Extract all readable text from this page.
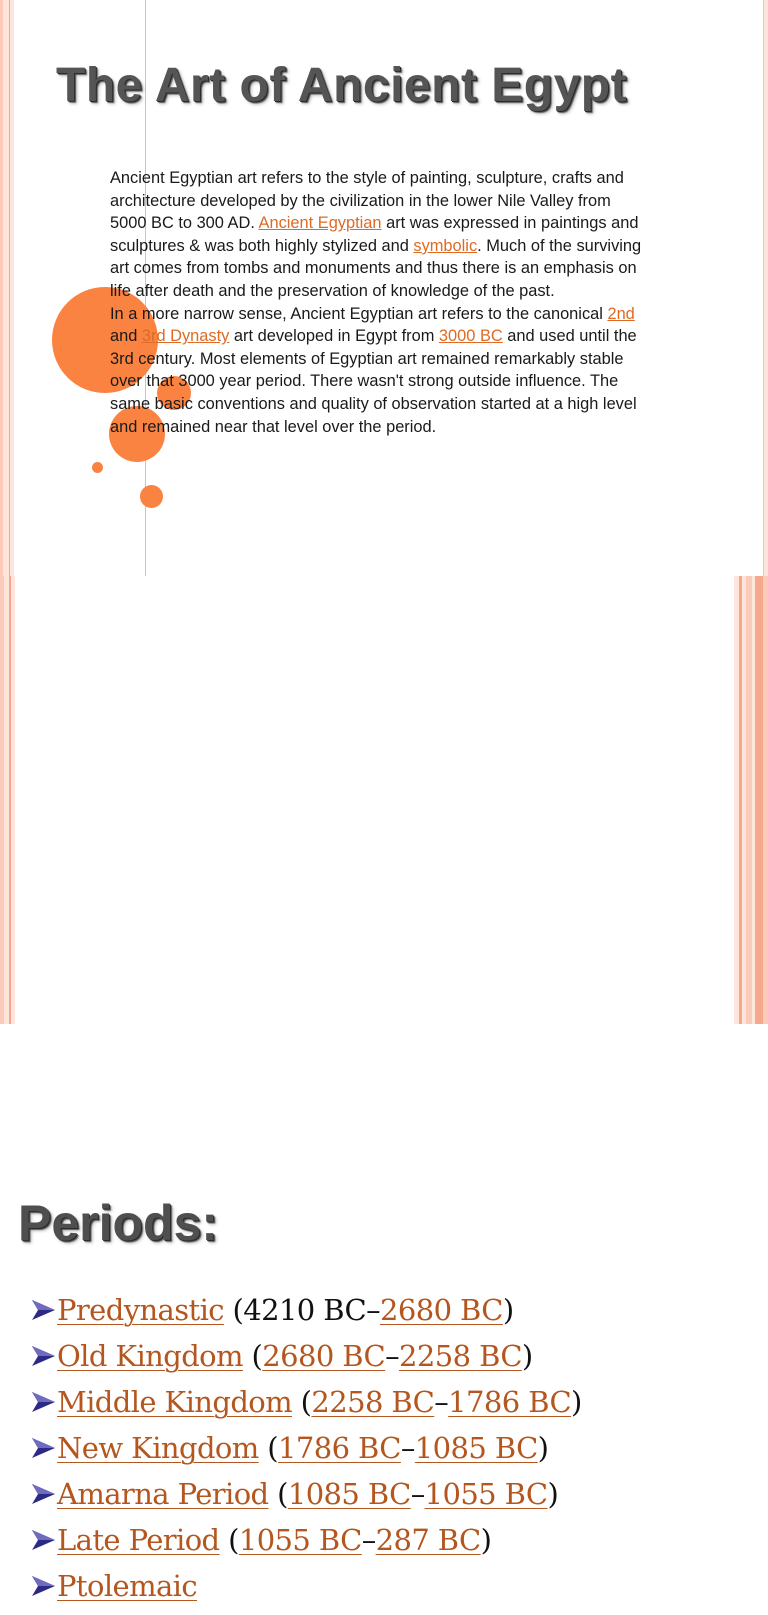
The Art of Ancient Egypt

Ancient Egyptian art refers to the style of painting, sculpture, crafts and architecture developed by the civilization in the lower Nile Valley from 5000 BC to 300 AD. Ancient Egyptian art was expressed in paintings and sculptures & was both highly stylized and symbolic. Much of the surviving art comes from tombs and monuments and thus there is an emphasis on life after death and the preservation of knowledge of the past.

In a more narrow sense, Ancient Egyptian art refers to the canonical 2nd and 3rd Dynasty art developed in Egypt from 3000 BC and used until the 3rd century. Most elements of Egyptian art remained remarkably stable over that 3000 year period. There wasn't strong outside influence. The same basic conventions and quality of observation started at a high level and remained near that level over the period.

Periods:
Predynastic (4210 BC–2680 BC)
Old Kingdom (2680 BC–2258 BC)
Middle Kingdom (2258 BC–1786 BC)
New Kingdom (1786 BC–1085 BC)
Amarna Period (1085 BC–1055 BC)
Late Period (1055 BC–287 BC)
Ptolemaic
